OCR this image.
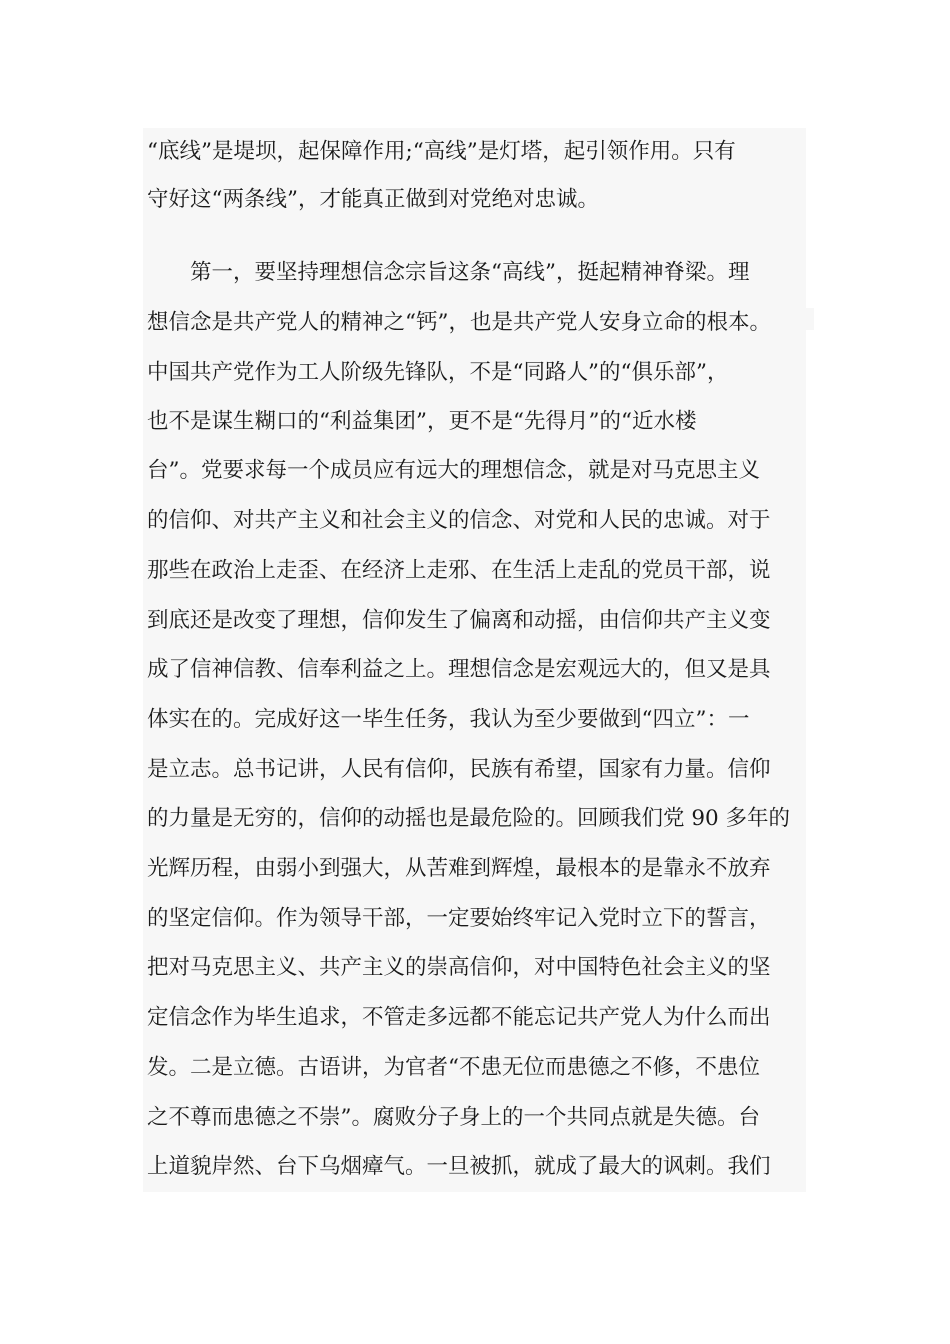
“底线”是堤坝，起保障作用;“高线”是灯塔，起引领作用。只有
守好这“两条线”，才能真正做到对党绝对忠诚。
第一，要坚持理想信念宗旨这条“高线”，挺起精神脊梁。理
想信念是共产党人的精神之“钙”，也是共产党人安身立命的根本。
中国共产党作为工人阶级先锋队，不是“同路人”的“俱乐部”，
也不是谋生糊口的“利益集团”，更不是“先得月”的“近水楼
台”。党要求每一个成员应有远大的理想信念，就是对马克思主义
的信仰、对共产主义和社会主义的信念、对党和人民的忠诚。对于
那些在政治上走歪、在经济上走邪、在生活上走乱的党员干部，说
到底还是改变了理想，信仰发生了偏离和动摇，由信仰共产主义变
成了信神信教、信奉利益之上。理想信念是宏观远大的，但又是具
体实在的。完成好这一毕生任务，我认为至少要做到“四立”：一
是立志。总书记讲，人民有信仰，民族有希望，国家有力量。信仰
的力量是无穷的，信仰的动摇也是最危险的。回顾我们党 90 多年的
光辉历程，由弱小到强大，从苦难到辉煌，最根本的是靠永不放弃
的坚定信仰。作为领导干部，一定要始终牢记入党时立下的誓言，
把对马克思主义、共产主义的崇高信仰，对中国特色社会主义的坚
定信念作为毕生追求，不管走多远都不能忘记共产党人为什么而出
发。二是立德。古语讲，为官者“不患无位而患德之不修，不患位
之不尊而患德之不崇”。腐败分子身上的一个共同点就是失德。台
上道貌岸然、台下乌烟瘴气。一旦被抓，就成了最大的讽刺。我们
